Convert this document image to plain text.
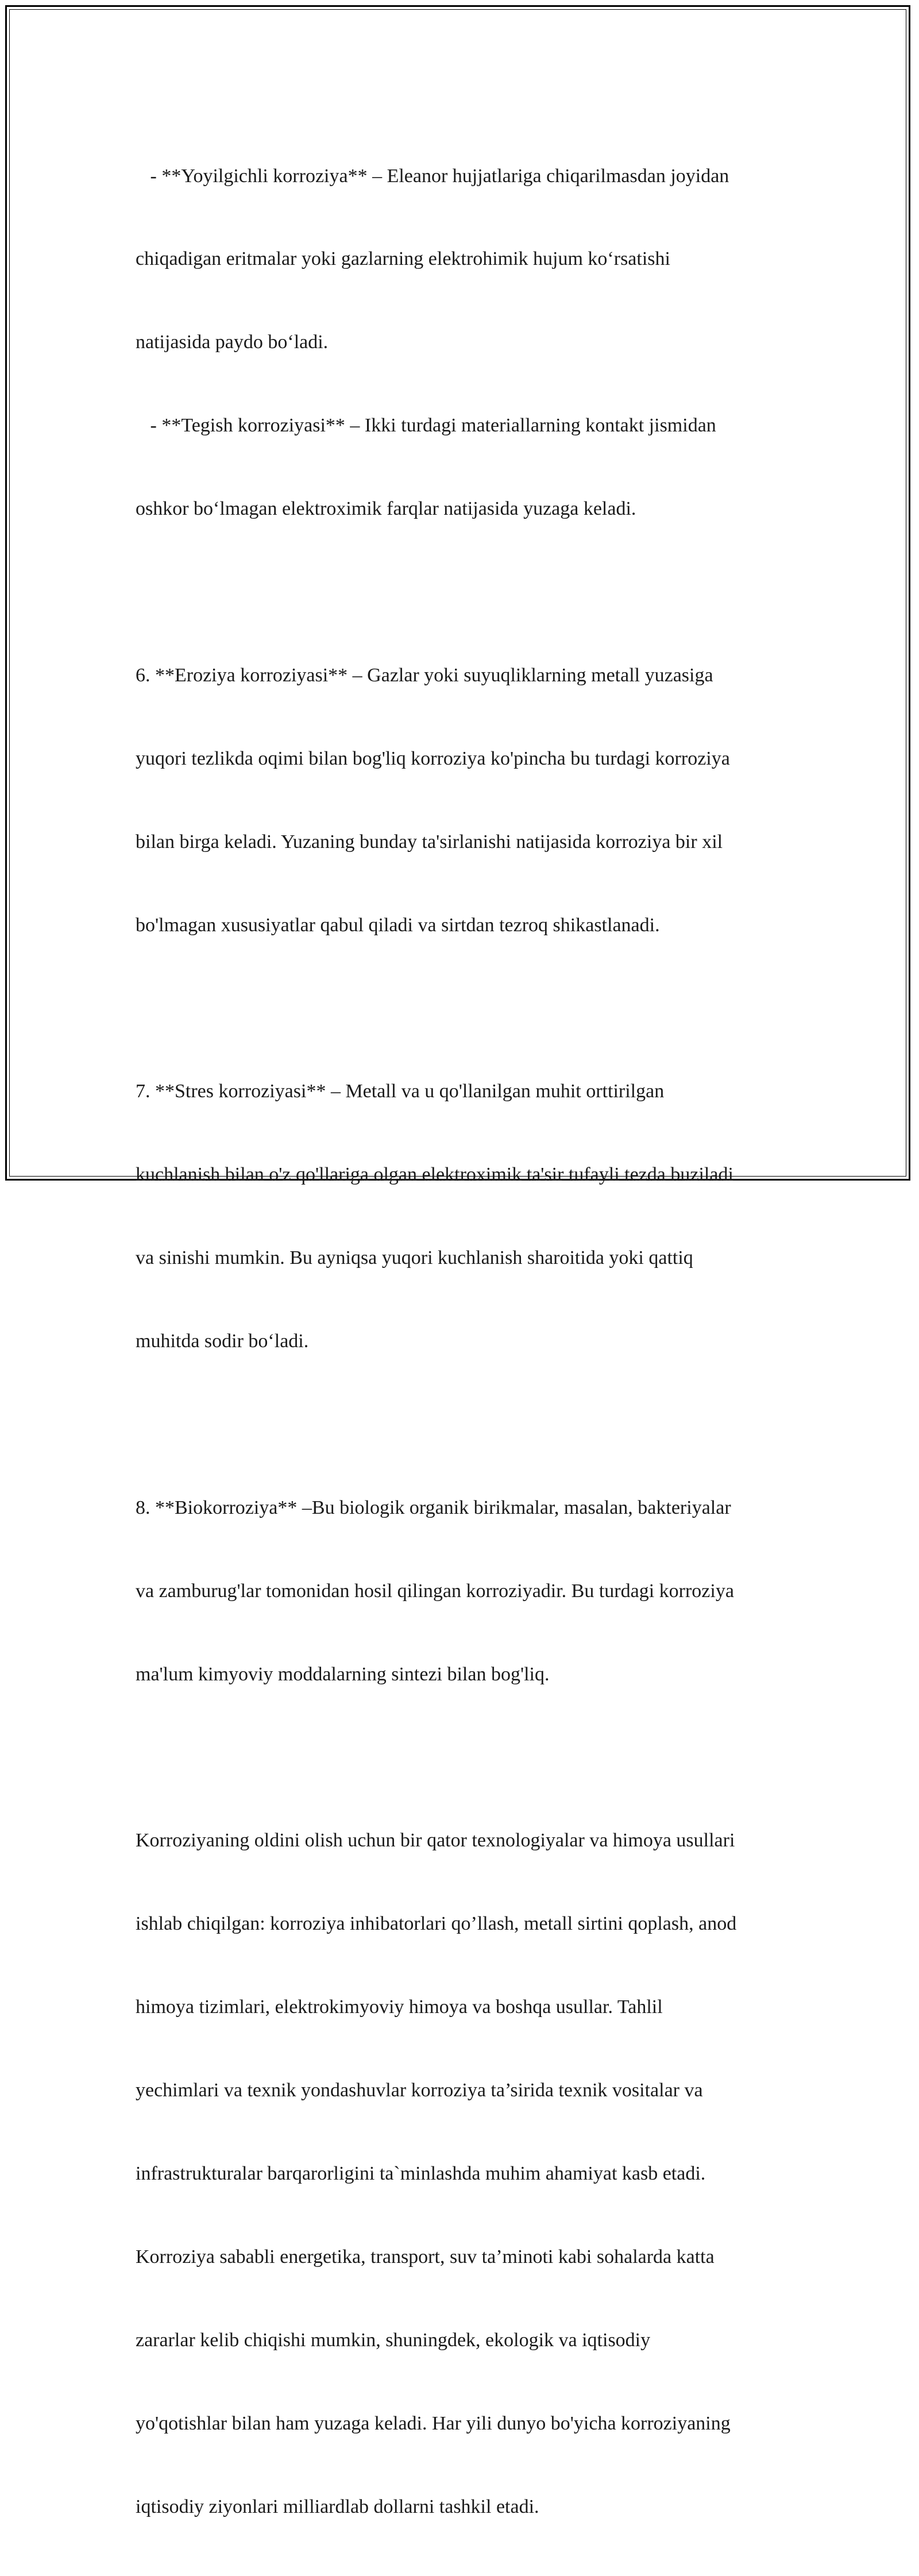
- **Yoyilgichli korroziya** – Eleanor hujjatlariga chiqarilmasdan joyidan

chiqadigan eritmalar yoki gazlarning elektrohimik hujum ko‘rsatishi

natijasida paydo bo‘ladi.

- **Tegish korroziyasi** – Ikki turdagi materiallarning kontakt jismidan

oshkor bo‘lmagan elektroximik farqlar natijasida yuzaga keladi.

6. **Eroziya korroziyasi** – Gazlar yoki suyuqliklarning metall yuzasiga

yuqori tezlikda oqimi bilan bog'liq korroziya ko'pincha bu turdagi korroziya

bilan birga keladi. Yuzaning bunday ta'sirlanishi natijasida korroziya bir xil

bo'lmagan xususiyatlar qabul qiladi va sirtdan tezroq shikastlanadi.

7. **Stres korroziyasi** – Metall va u qo'llanilgan muhit orttirilgan

kuchlanish bilan o'z qo'llariga olgan elektroximik ta'sir tufayli tezda buziladi

va sinishi mumkin. Bu ayniqsa yuqori kuchlanish sharoitida yoki qattiq

muhitda sodir bo‘ladi.

8. **Biokorroziya** –Bu biologik organik birikmalar, masalan, bakteriyalar

va zamburug'lar tomonidan hosil qilingan korroziyadir. Bu turdagi korroziya

ma'lum kimyoviy moddalarning sintezi bilan bog'liq.

Korroziyaning oldini olish uchun bir qator texnologiyalar va himoya usullari

ishlab chiqilgan: korroziya inhibatorlari qo’llash, metall sirtini qoplash, anod

himoya tizimlari, elektrokimyoviy himoya va boshqa usullar. Tahlil

yechimlari va texnik yondashuvlar korroziya ta’sirida texnik vositalar va

infrastrukturalar barqarorligini ta`minlashda muhim ahamiyat kasb etadi.

Korroziya sababli energetika, transport, suv ta’minoti kabi sohalarda katta

zararlar kelib chiqishi mumkin, shuningdek, ekologik va iqtisodiy

yo'qotishlar bilan ham yuzaga keladi. Har yili dunyo bo'yicha korroziyaning

iqtisodiy ziyonlari milliardlab dollarni tashkil etadi.
